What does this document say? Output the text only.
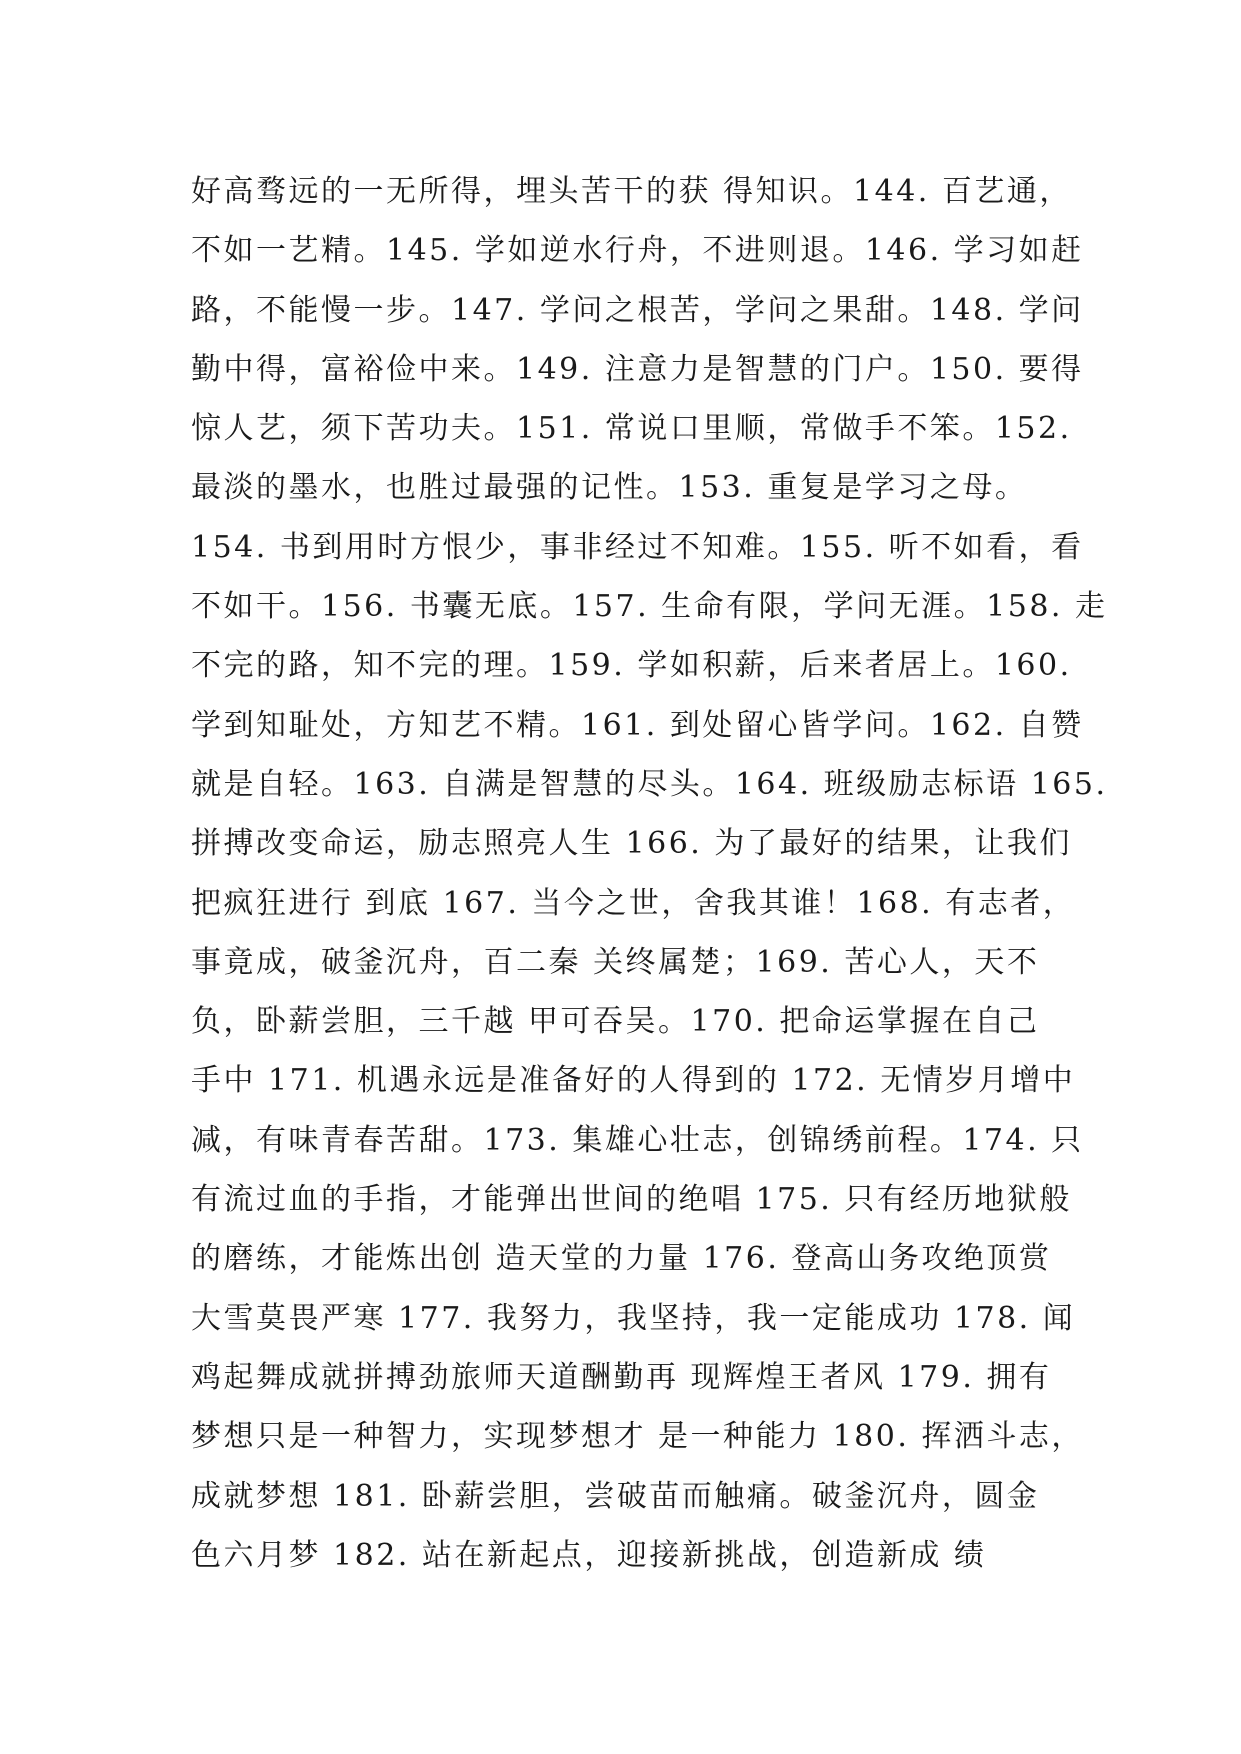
好高骛远的一无所得，埋头苦干的获 得知识。144. 百艺通，
不如一艺精。145. 学如逆水行舟，不进则退。146. 学习如赶
路，不能慢一步。147. 学问之根苦，学问之果甜。148. 学问
勤中得，富裕俭中来。149. 注意力是智慧的门户。150. 要得
惊人艺，须下苦功夫。151. 常说口里顺，常做手不笨。152.
最淡的墨水，也胜过最强的记性。153. 重复是学习之母。
154. 书到用时方恨少，事非经过不知难。155. 听不如看，看
不如干。156. 书囊无底。157. 生命有限，学问无涯。158. 走
不完的路，知不完的理。159. 学如积薪，后来者居上。160.
学到知耻处，方知艺不精。161. 到处留心皆学问。162. 自赞
就是自轻。163. 自满是智慧的尽头。164. 班级励志标语 165.
拼搏改变命运，励志照亮人生 166. 为了最好的结果，让我们
把疯狂进行 到底 167. 当今之世，舍我其谁！168. 有志者，
事竟成，破釜沉舟，百二秦 关终属楚；169. 苦心人，天不
负，卧薪尝胆，三千越 甲可吞吴。170. 把命运掌握在自己
手中 171. 机遇永远是准备好的人得到的 172. 无情岁月增中
减，有味青春苦甜。173. 集雄心壮志，创锦绣前程。174. 只
有流过血的手指，才能弹出世间的绝唱 175. 只有经历地狱般
的磨练，才能炼出创 造天堂的力量 176. 登高山务攻绝顶赏
大雪莫畏严寒 177. 我努力，我坚持，我一定能成功 178. 闻
鸡起舞成就拼搏劲旅师天道酬勤再 现辉煌王者风 179. 拥有
梦想只是一种智力，实现梦想才 是一种能力 180. 挥洒斗志，
成就梦想 181. 卧薪尝胆，尝破苗而触痛。破釜沉舟，圆金
色六月梦 182. 站在新起点，迎接新挑战，创造新成 绩
